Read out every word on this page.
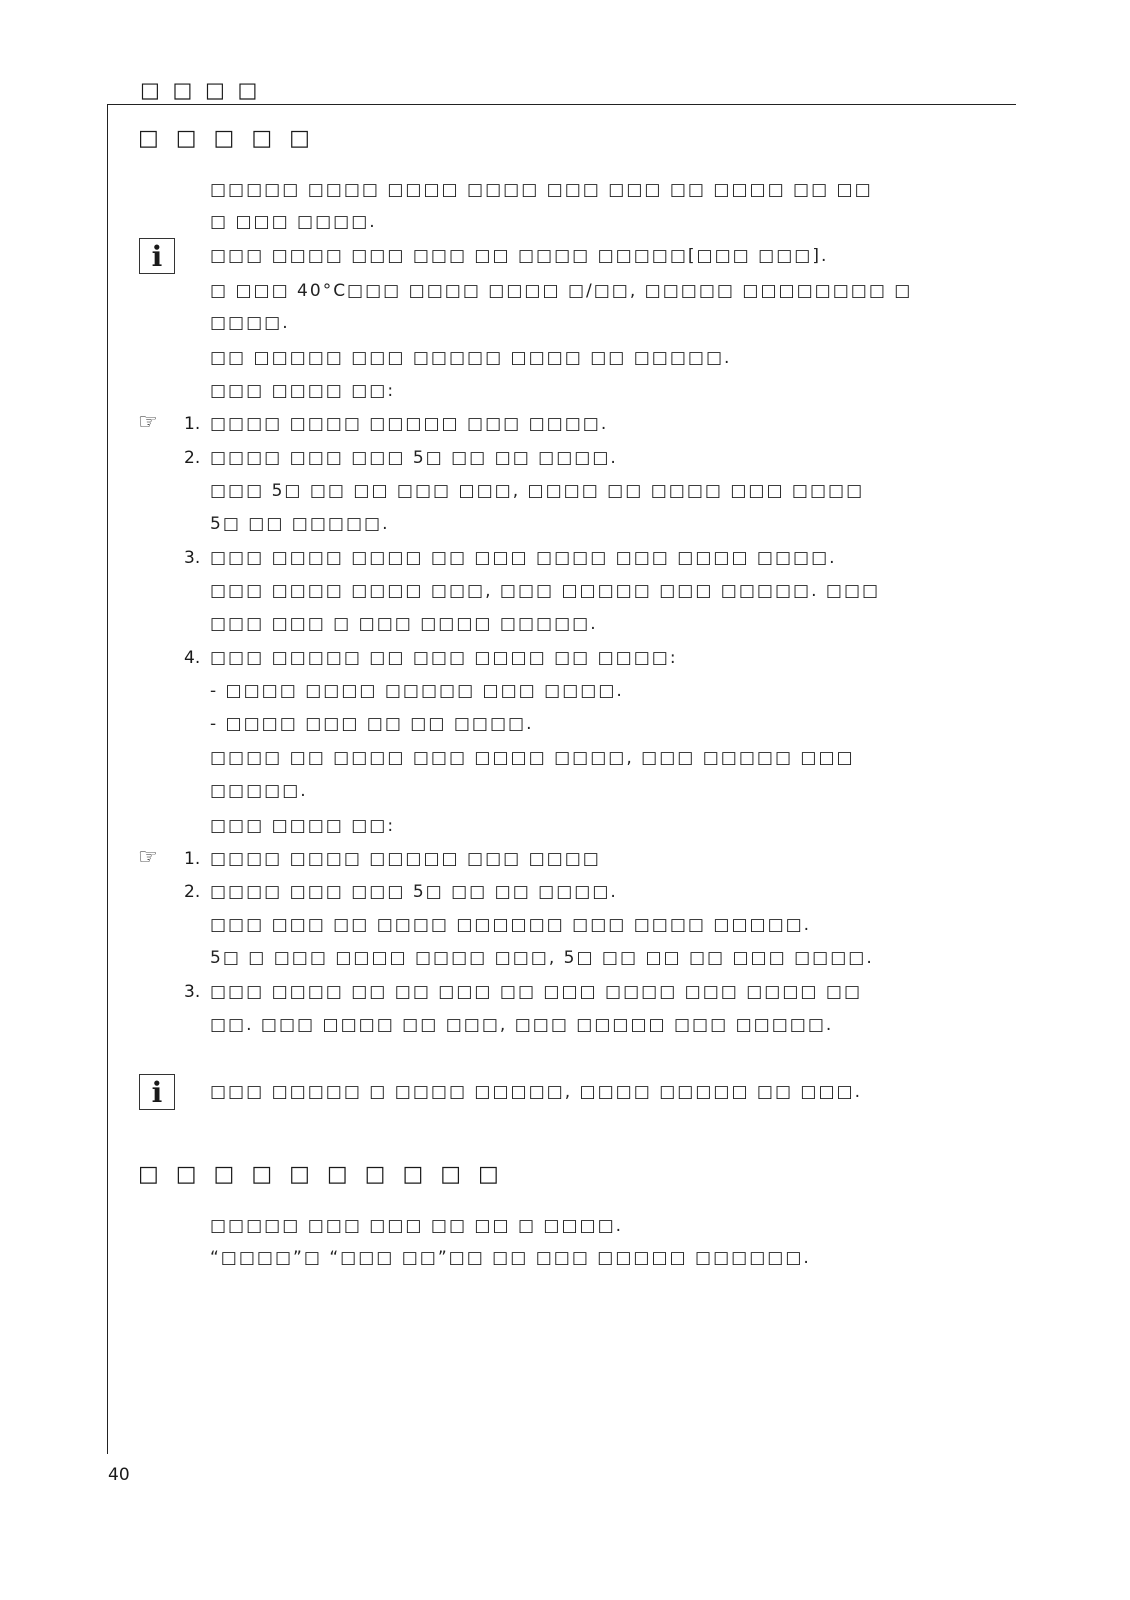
□ □ □ □
□ □ □ □ □
□□□□□ □□□□ □□□□ □□□□ □□□ □□□ □□ □□□□ □□ □□
□ □□□ □□□□.
i	□□□ □□□□ □□□ □□□ □□ □□□□ □□□□□[□□□ □□□].
□ □□□ 40°C□□□ □□□□ □□□□ □/□□, □□□□□ □□□□□□□□ □
□□□□.
□□ □□□□□ □□□ □□□□□ □□□□ □□ □□□□□.
□□□ □□□□ □□:
☞ 1. □□□□ □□□□ □□□□□ □□□ □□□□.
2. □□□□ □□□ □□□ 5□ □□ □□ □□□□.
□□□ 5□ □□ □□ □□□ □□□, □□□□ □□ □□□□ □□□ □□□□
5□ □□ □□□□□.
3. □□□ □□□□ □□□□ □□ □□□ □□□□ □□□ □□□□ □□□□.
□□□ □□□□ □□□□ □□□, □□□ □□□□□ □□□ □□□□□. □□□
□□□ □□□ □ □□□ □□□□ □□□□□.
4. □□□ □□□□□ □□ □□□ □□□□ □□ □□□□:
- □□□□ □□□□ □□□□□ □□□ □□□□.
- □□□□ □□□ □□ □□ □□□□.
□□□□ □□ □□□□ □□□ □□□□ □□□□, □□□ □□□□□ □□□
□□□□□.
□□□ □□□□ □□:
☞ 1. □□□□ □□□□ □□□□□ □□□ □□□□
2. □□□□ □□□ □□□ 5□ □□ □□ □□□□.
□□□ □□□ □□ □□□□ □□□□□□ □□□ □□□□ □□□□□.
5□ □ □□□ □□□□ □□□□ □□□, 5□ □□ □□ □□ □□□ □□□□.
3. □□□ □□□□ □□ □□ □□□ □□ □□□ □□□□ □□□ □□□□ □□
□□. □□□ □□□□ □□ □□□, □□□ □□□□□ □□□ □□□□□.
i	□□□ □□□□□ □ □□□□ □□□□□, □□□□ □□□□□ □□ □□□.
□ □ □ □ □ □ □ □ □ □
□□□□□ □□□ □□□ □□ □□ □ □□□□.
“□□□□”□ “□□□ □□”□□ □□ □□□ □□□□□ □□□□□□.
40
